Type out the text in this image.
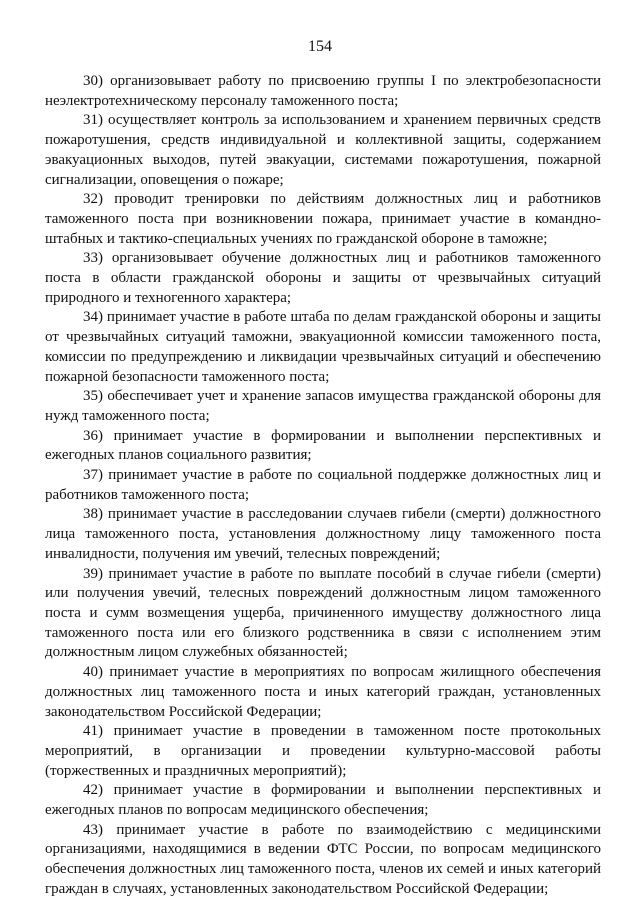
154

30) организовывает работу по присвоению группы I по электробезопасности неэлектротехническому персоналу таможенного поста;

31) осуществляет контроль за использованием и хранением первичных средств пожаротушения, средств индивидуальной и коллективной защиты, содержанием эвакуационных выходов, путей эвакуации, системами пожаротушения, пожарной сигнализации, оповещения о пожаре;

32) проводит тренировки по действиям должностных лиц и работников таможенного поста при возникновении пожара, принимает участие в командно-штабных и тактико-специальных учениях по гражданской обороне в таможне;

33) организовывает обучение должностных лиц и работников таможенного поста в области гражданской обороны и защиты от чрезвычайных ситуаций природного и техногенного характера;

34) принимает участие в работе штаба по делам гражданской обороны и защиты от чрезвычайных ситуаций таможни, эвакуационной комиссии таможенного поста, комиссии по предупреждению и ликвидации чрезвычайных ситуаций и обеспечению пожарной безопасности таможенного поста;

35) обеспечивает учет и хранение запасов имущества гражданской обороны для нужд таможенного поста;

36) принимает участие в формировании и выполнении перспективных и ежегодных планов социального развития;

37) принимает участие в работе по социальной поддержке должностных лиц и работников таможенного поста;

38) принимает участие в расследовании случаев гибели (смерти) должностного лица таможенного поста, установления должностному лицу таможенного поста инвалидности, получения им увечий, телесных повреждений;

39) принимает участие в работе по выплате пособий в случае гибели (смерти) или получения увечий, телесных повреждений должностным лицом таможенного поста и сумм возмещения ущерба, причиненного имуществу должностного лица таможенного поста или его близкого родственника в связи с исполнением этим должностным лицом служебных обязанностей;

40) принимает участие в мероприятиях по вопросам жилищного обеспечения должностных лиц таможенного поста и иных категорий граждан, установленных законодательством Российской Федерации;

41) принимает участие в проведении в таможенном посте протокольных мероприятий, в организации и проведении культурно-массовой работы (торжественных и праздничных мероприятий);

42) принимает участие в формировании и выполнении перспективных и ежегодных планов по вопросам медицинского обеспечения;

43) принимает участие в работе по взаимодействию с медицинскими организациями, находящимися в ведении ФТС России, по вопросам медицинского обеспечения должностных лиц таможенного поста, членов их семей и иных категорий граждан в случаях, установленных законодательством Российской Федерации;
